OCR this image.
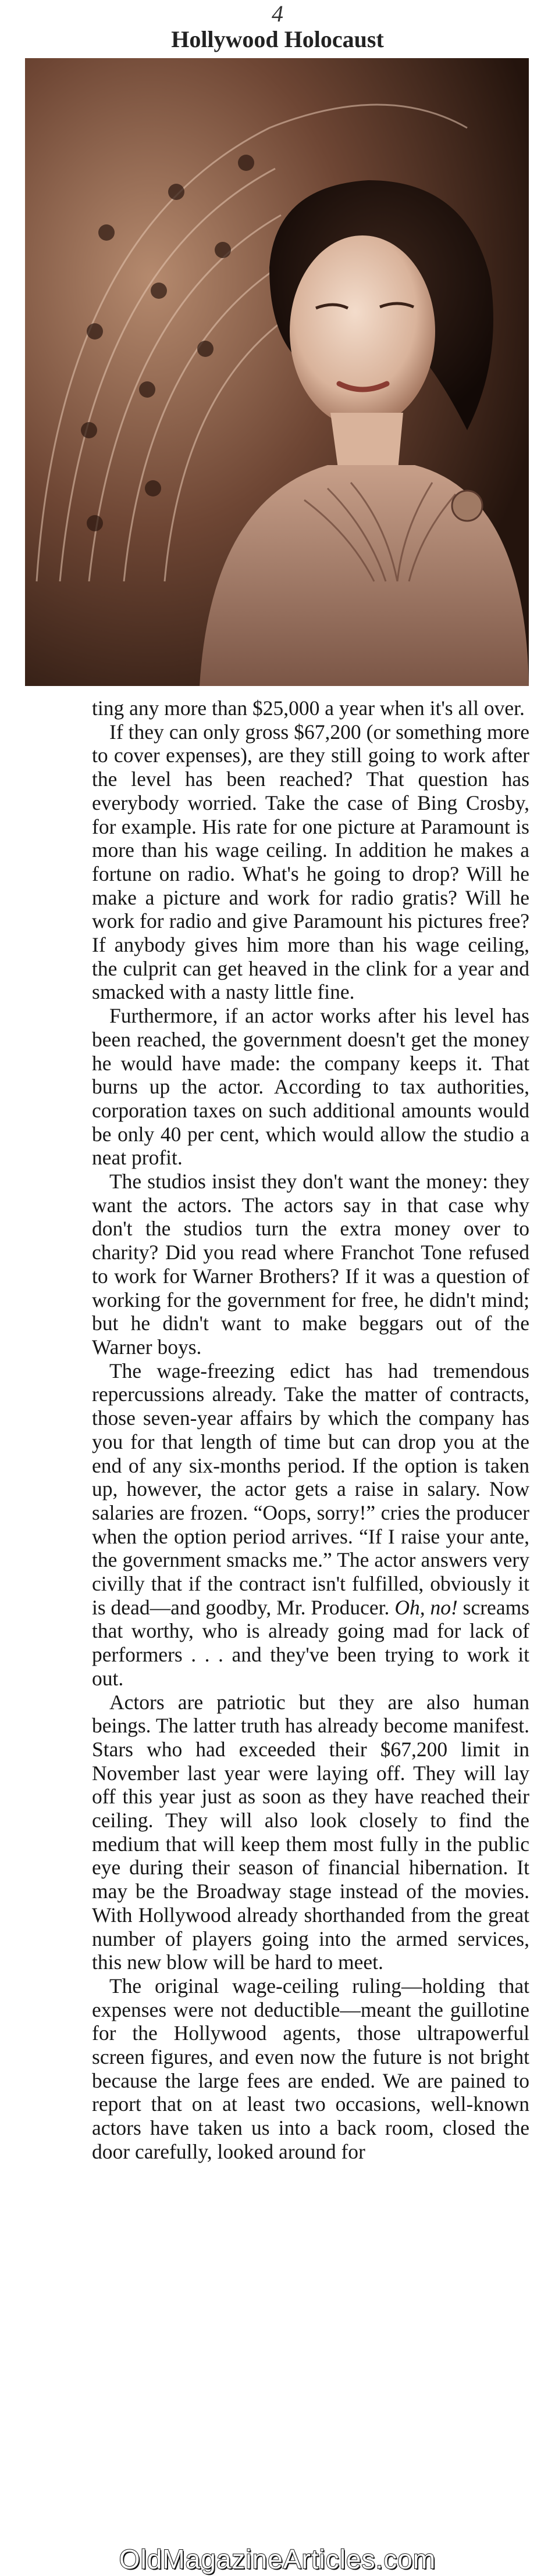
4
Hollywood Holocaust

ting any more than $25,000 a year when it's all over.

If they can only gross $67,200 (or something more to cover expenses), are they still going to work after the level has been reached? That question has everybody worried. Take the case of Bing Crosby, for example. His rate for one picture at Paramount is more than his wage ceiling. In addition he makes a fortune on radio. What's he going to drop? Will he make a picture and work for radio gratis? Will he work for radio and give Paramount his pictures free? If anybody gives him more than his wage ceiling, the culprit can get heaved in the clink for a year and smacked with a nasty little fine.

Furthermore, if an actor works after his level has been reached, the government doesn't get the money he would have made: the company keeps it. That burns up the actor. According to tax authorities, corporation taxes on such additional amounts would be only 40 per cent, which would allow the studio a neat profit.

The studios insist they don't want the money: they want the actors. The actors say in that case why don't the studios turn the extra money over to charity? Did you read where Franchot Tone refused to work for Warner Brothers? If it was a question of working for the government for free, he didn't mind; but he didn't want to make beggars out of the Warner boys.

The wage-freezing edict has had tremendous repercussions already. Take the matter of contracts, those seven-year affairs by which the company has you for that length of time but can drop you at the end of any six-months period. If the option is taken up, however, the actor gets a raise in salary. Now salaries are frozen. “Oops, sorry!” cries the producer when the option period arrives. “If I raise your ante, the government smacks me.” The actor answers very civilly that if the contract isn't fulfilled, obviously it is dead—and goodby, Mr. Producer. Oh, no! screams that worthy, who is already going mad for lack of performers . . . and they've been trying to work it out.

Actors are patriotic but they are also human beings. The latter truth has already become manifest. Stars who had exceeded their $67,200 limit in November last year were laying off. They will lay off this year just as soon as they have reached their ceiling. They will also look closely to find the medium that will keep them most fully in the public eye during their season of financial hibernation. It may be the Broadway stage instead of the movies. With Hollywood already shorthanded from the great number of players going into the armed services, this new blow will be hard to meet.

The original wage-ceiling ruling—holding that expenses were not deductible—meant the guillotine for the Hollywood agents, those ultrapowerful screen figures, and even now the future is not bright because the large fees are ended. We are pained to report that on at least two occasions, well-known actors have taken us into a back room, closed the door carefully, looked around for

OldMagazineArticles.com
